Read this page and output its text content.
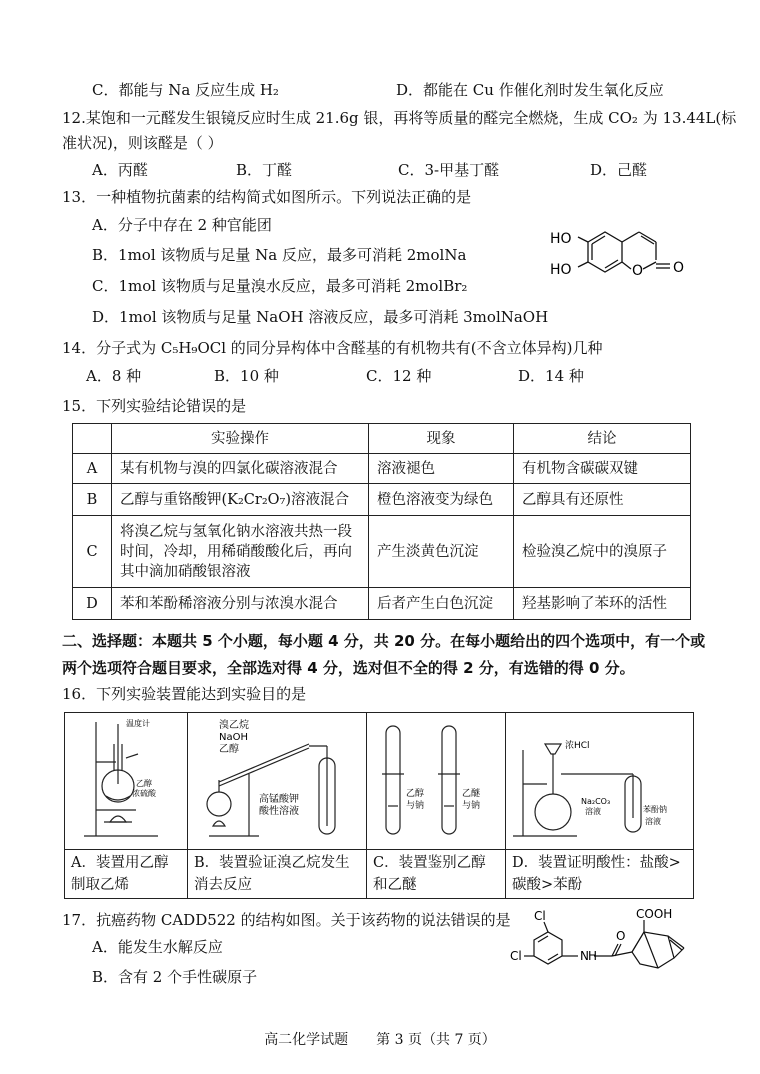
C．都能与 Na 反应生成 H₂	D．都能在 Cu 作催化剂时发生氧化反应
12.某饱和一元醛发生银镜反应时生成 21.6g 银，再将等质量的醛完全燃烧，生成 CO₂ 为 13.44L(标
准状况)，则该醛是（ ）
A．丙醛	B．丁醛	C．3-甲基丁醛	D．己醛
13．一种植物抗菌素的结构简式如图所示。下列说法正确的是
A．分子中存在 2 种官能团
B．1mol 该物质与足量 Na 反应，最多可消耗 2molNa
C．1mol 该物质与足量溴水反应，最多可消耗 2molBr₂
D．1mol 该物质与足量 NaOH 溶液反应，最多可消耗 3molNaOH
HO
HO	O O
14．分子式为 C₅H₉OCl 的同分异构体中含醛基的有机物共有(不含立体异构)几种
A．8 种	B．10 种	C．12 种	D．14 种
15．下列实验结论错误的是
	实验操作	现象	结论
A	某有机物与溴的四氯化碳溶液混合	溶液褪色	有机物含碳碳双键
B	乙醇与重铬酸钾(K₂Cr₂O₇)溶液混合	橙色溶液变为绿色	乙醇具有还原性
C	将溴乙烷与氢氧化钠水溶液共热一段时间，冷却，用稀硝酸酸化后，再向其中滴加硝酸银溶液	产生淡黄色沉淀	检验溴乙烷中的溴原子
D	苯和苯酚稀溶液分别与浓溴水混合	后者产生白色沉淀	羟基影响了苯环的活性
二、选择题：本题共 5 个小题，每小题 4 分，共 20 分。在每小题给出的四个选项中，有一个或
两个选项符合题目要求，全部选对得 4 分，选对但不全的得 2 分，有选错的得 0 分。
16．下列实验装置能达到实验目的是
温度计
乙醇
浓硫酸	溴乙烷
NaOH
乙醇
高锰酸钾
酸性溶液	乙醇
与钠
乙醚
与钠	浓HCl
Na₂CO₃
溶液 苯酚钠
溶液

A．装置用乙醇制取乙烯	B．装置验证溴乙烷发生消去反应	C．装置鉴别乙醇和乙醚	D．装置证明酸性：盐酸>碳酸>苯酚
17．抗癌药物 CADD522 的结构如图。关于该药物的说法错误的是
A．能发生水解反应
B．含有 2 个手性碳原子
Cl
Cl	N H
O
COOH
高二化学试题　　第 3 页（共 7 页）
